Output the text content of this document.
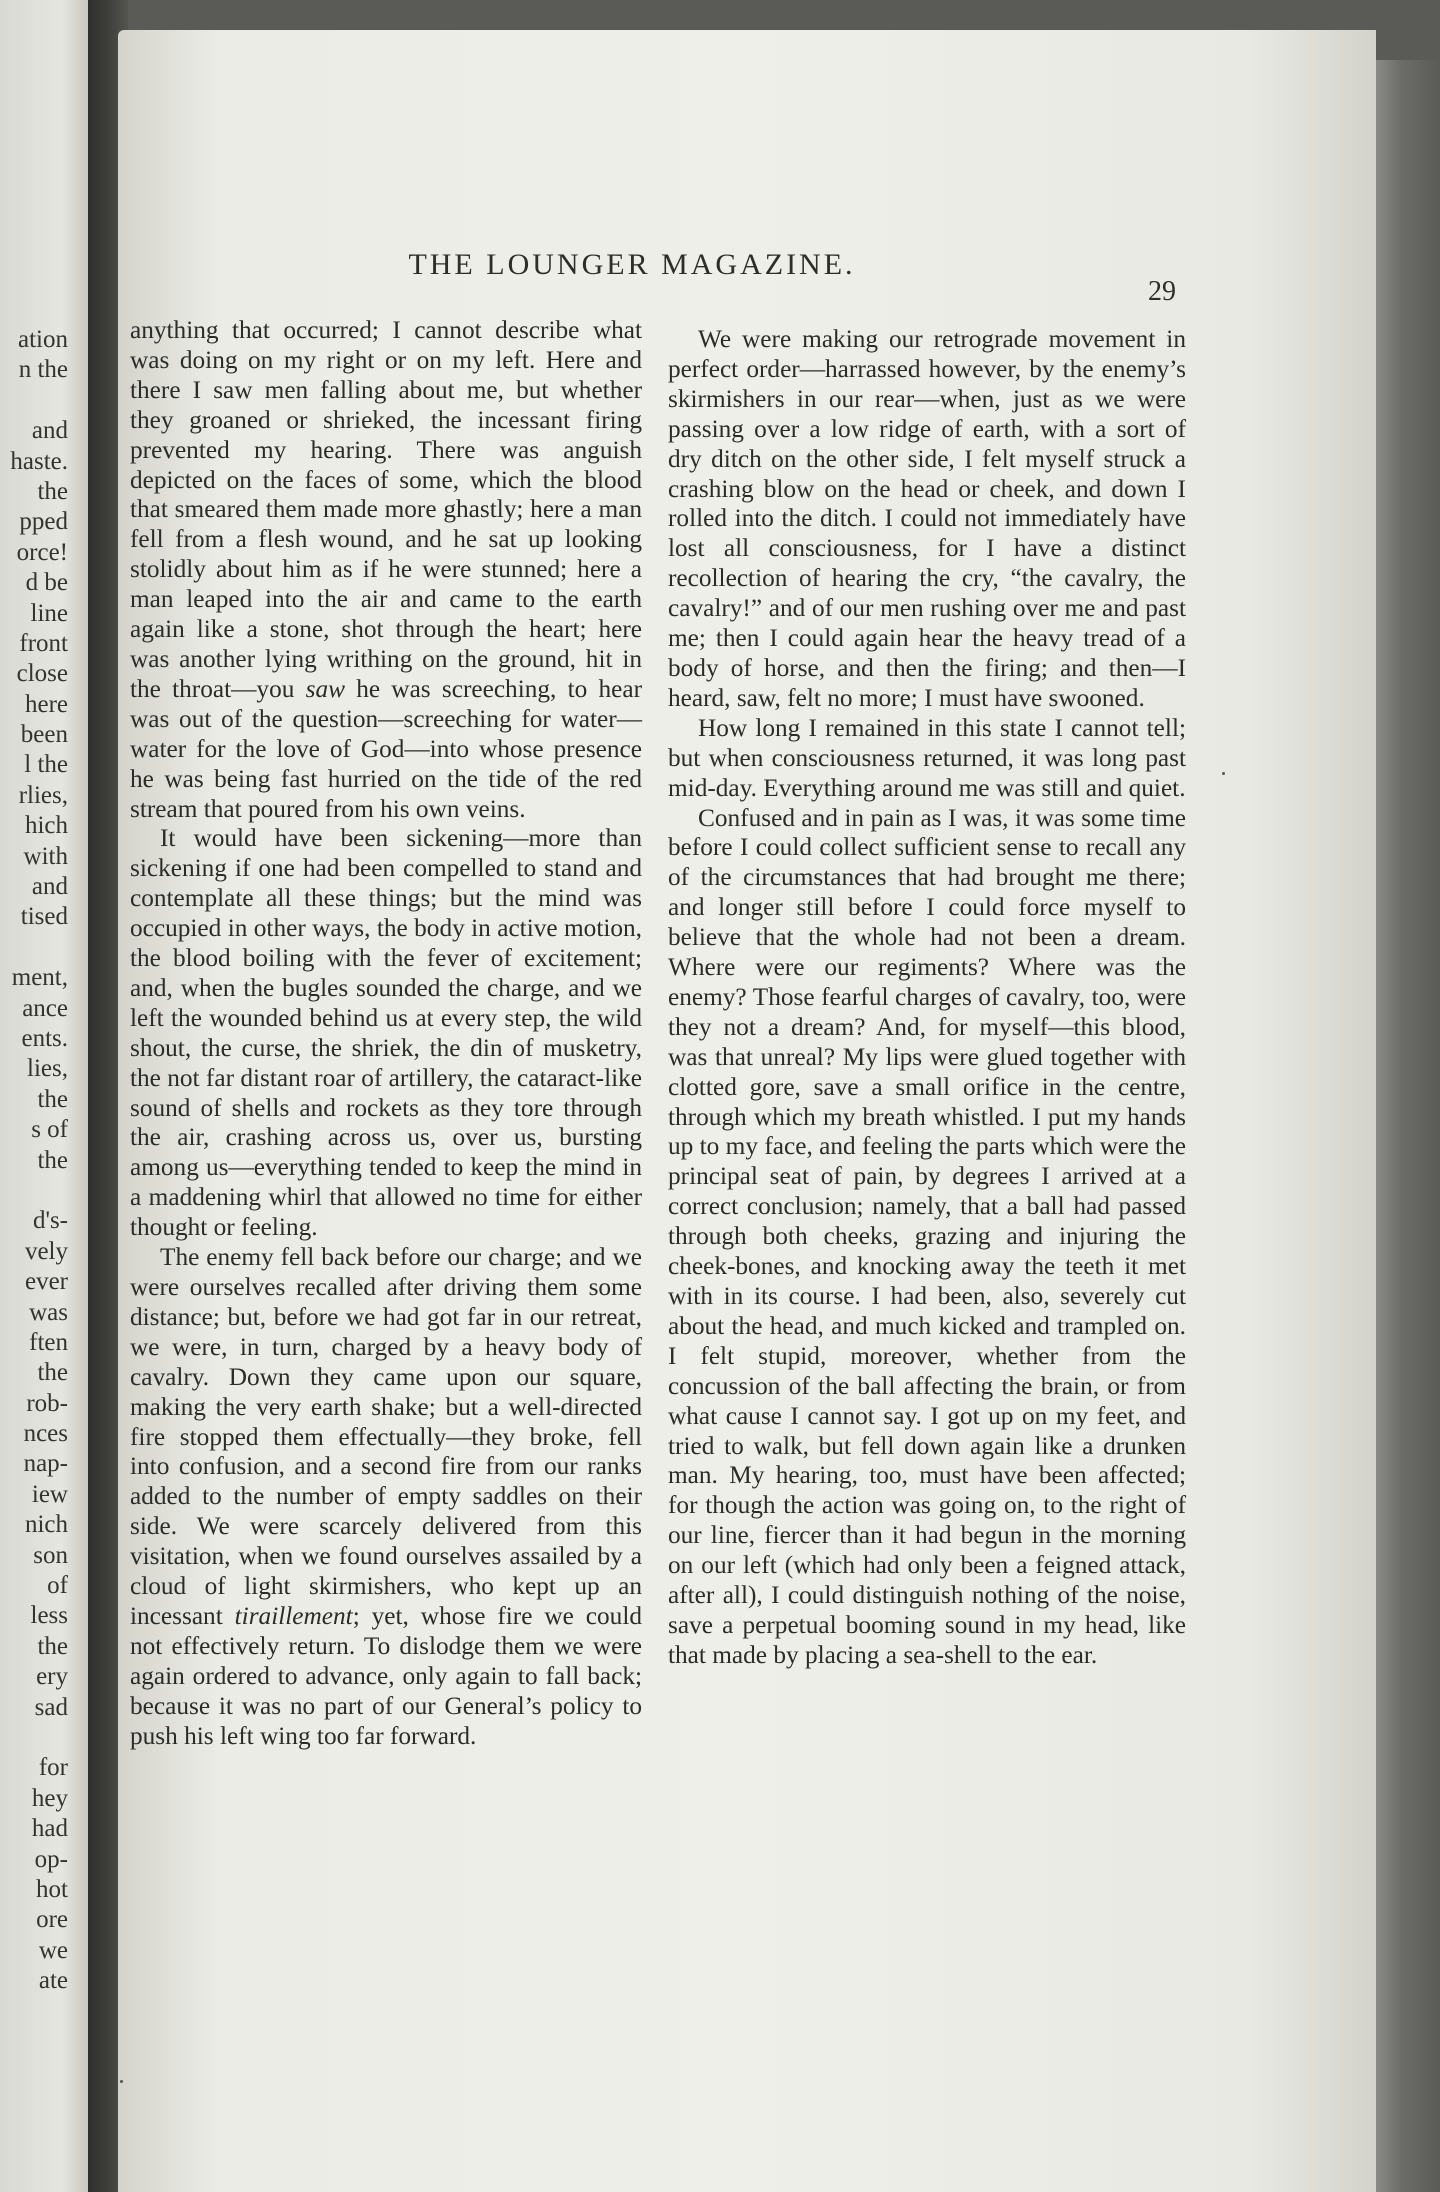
ation
n the
and
haste.
the
pped
orce!
d be
line
front
close
here
been
l the
rlies,
hich
with
and
tised
ment,
ance
ents.
lies,
the
s of
the
d's-
vely
ever
was
ften
the
rob-
nces
nap-
iew
nich
son
of
less
the
ery
sad
for
hey
had
op-
hot
ore
we
ate
THE LOUNGER MAGAZINE.
29

anything that occurred; I cannot describe what was doing on my right or on my left. Here and there I saw men falling about me, but whether they groaned or shrieked, the incessant firing prevented my hearing. There was anguish depicted on the faces of some, which the blood that smeared them made more ghastly; here a man fell from a flesh wound, and he sat up looking stolidly about him as if he were stunned; here a man leaped into the air and came to the earth again like a stone, shot through the heart; here was another lying writhing on the ground, hit in the throat—you saw he was screeching, to hear was out of the question—screeching for water—water for the love of God—into whose presence he was being fast hurried on the tide of the red stream that poured from his own veins.

It would have been sickening—more than sickening if one had been compelled to stand and contemplate all these things; but the mind was occupied in other ways, the body in active motion, the blood boiling with the fever of excitement; and, when the bugles sounded the charge, and we left the wounded behind us at every step, the wild shout, the curse, the shriek, the din of musketry, the not far distant roar of artillery, the cataract-like sound of shells and rockets as they tore through the air, crashing across us, over us, bursting among us—everything tended to keep the mind in a maddening whirl that allowed no time for either thought or feeling.

The enemy fell back before our charge; and we were ourselves recalled after driving them some distance; but, before we had got far in our retreat, we were, in turn, charged by a heavy body of cavalry. Down they came upon our square, making the very earth shake; but a well-directed fire stopped them effectually—they broke, fell into confusion, and a second fire from our ranks added to the number of empty saddles on their side. We were scarcely delivered from this visitation, when we found ourselves assailed by a cloud of light skirmishers, who kept up an incessant tiraillement; yet, whose fire we could not effectively return. To dislodge them we were again ordered to advance, only again to fall back; because it was no part of our General’s policy to push his left wing too far forward.

We were making our retrograde movement in perfect order—harrassed however, by the enemy’s skirmishers in our rear—when, just as we were passing over a low ridge of earth, with a sort of dry ditch on the other side, I felt myself struck a crashing blow on the head or cheek, and down I rolled into the ditch. I could not immediately have lost all consciousness, for I have a distinct recollection of hearing the cry, “the cavalry, the cavalry!” and of our men rushing over me and past me; then I could again hear the heavy tread of a body of horse, and then the firing; and then—I heard, saw, felt no more; I must have swooned.

How long I remained in this state I cannot tell; but when consciousness returned, it was long past mid-day. Everything around me was still and quiet.

Confused and in pain as I was, it was some time before I could collect sufficient sense to recall any of the circumstances that had brought me there; and longer still before I could force myself to believe that the whole had not been a dream. Where were our regiments? Where was the enemy? Those fearful charges of cavalry, too, were they not a dream? And, for myself—this blood, was that unreal? My lips were glued together with clotted gore, save a small orifice in the centre, through which my breath whistled. I put my hands up to my face, and feeling the parts which were the principal seat of pain, by degrees I arrived at a correct conclusion; namely, that a ball had passed through both cheeks, grazing and injuring the cheek-bones, and knocking away the teeth it met with in its course. I had been, also, severely cut about the head, and much kicked and trampled on. I felt stupid, moreover, whether from the concussion of the ball affecting the brain, or from what cause I cannot say. I got up on my feet, and tried to walk, but fell down again like a drunken man. My hearing, too, must have been affected; for though the action was going on, to the right of our line, fiercer than it had begun in the morning on our left (which had only been a feigned attack, after all), I could distinguish nothing of the noise, save a perpetual booming sound in my head, like that made by placing a sea-shell to the ear.
